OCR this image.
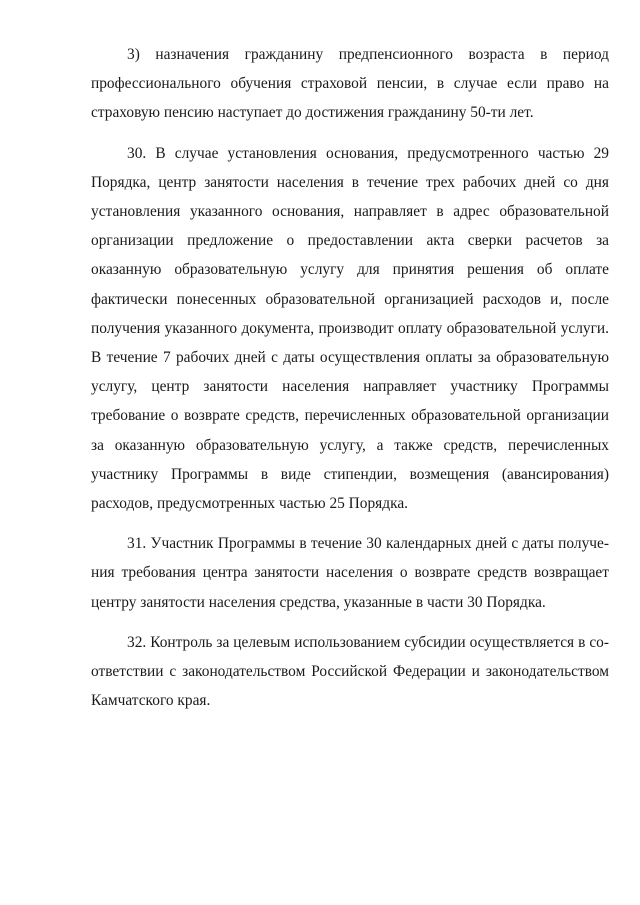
3) назначения гражданину предпенсионного возраста в период профессионального обучения страховой пенсии, в случае если право на страховую пенсию наступает до достижения гражданину 50-ти лет.

30. В случае установления основания, предусмотренного частью 29 Порядка, центр занятости населения в течение трех рабочих дней со дня установления указанного основания, направляет в адрес образовательной организации предложение о предоставлении акта сверки расчетов за оказанную образовательную услугу для принятия решения об оплате фактически понесенных образовательной организацией расходов и, после получения указанного документа, производит оплату образовательной услуги. В течение 7 рабочих дней с даты осуществления оплаты за образовательную услугу, центр занятости населения направляет участнику Программы требование о возврате средств, перечисленных образовательной организации за оказанную образовательную услугу, а также средств, перечисленных участнику Программы в виде стипендии, возмещения (авансирования) расходов, предусмотренных частью 25 Порядка.

31. Участник Программы в течение 30 календарных дней с даты получения требования центра занятости населения о возврате средств возвращает центру занятости населения средства, указанные в части 30 Порядка.

32. Контроль за целевым использованием субсидии осуществляется в соответствии с законодательством Российской Федерации и законодательством Камчатского края.
